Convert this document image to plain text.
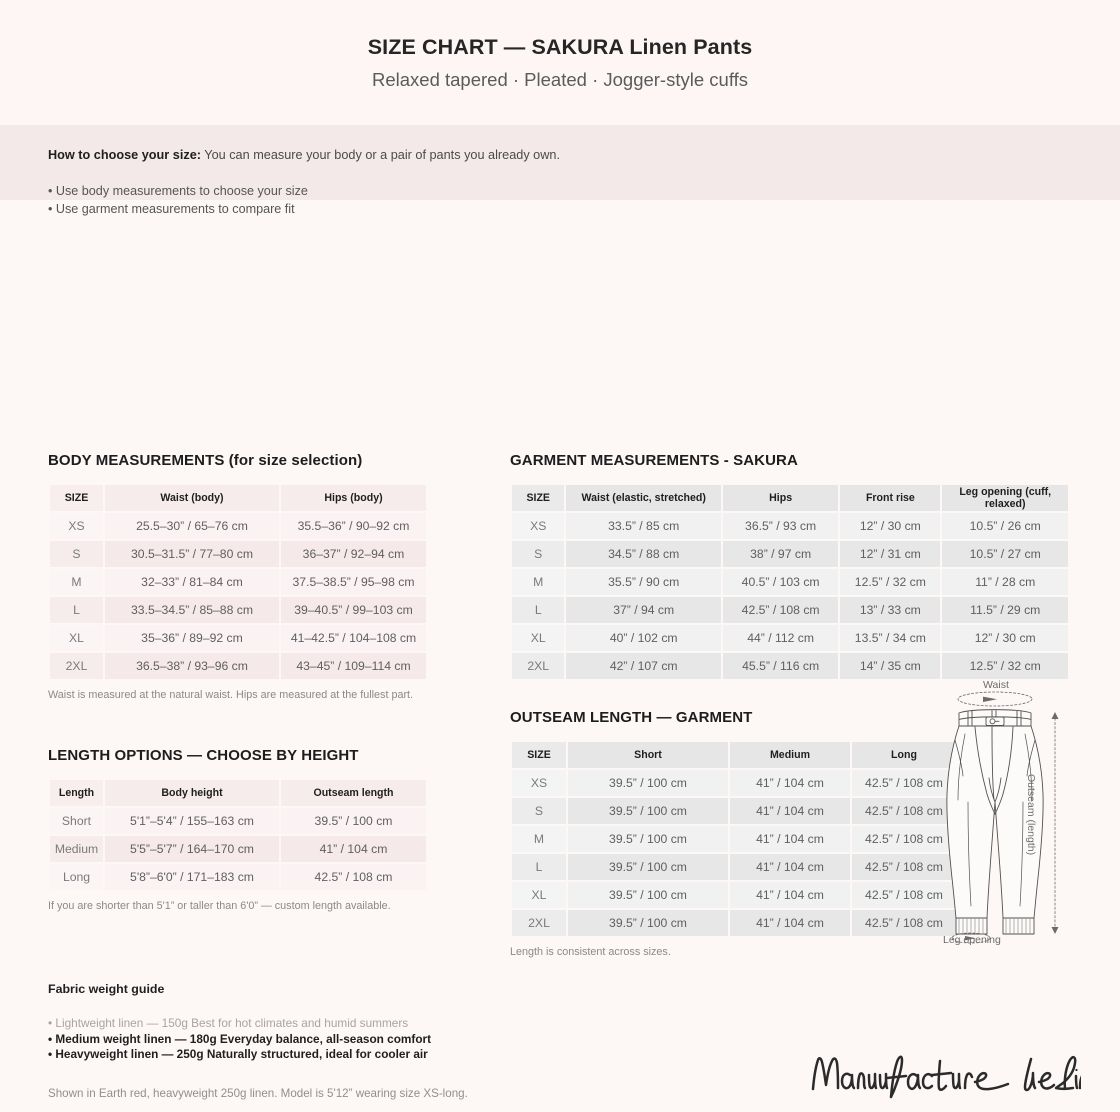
SIZE CHART — SAKURA Linen Pants
Relaxed tapered · Pleated · Jogger-style cuffs
How to choose your size: You can measure your body or a pair of pants you already own.
• Use body measurements to choose your size
• Use garment measurements to compare fit
BODY MEASUREMENTS (for size selection)
SIZE	Waist (body)	Hips (body)
XS	25.5–30” / 65–76 cm	35.5–36” / 90–92 cm
S	30.5–31.5” / 77–80 cm	36–37” / 92–94 cm
M	32–33” / 81–84 cm	37.5–38.5” / 95–98 cm
L	33.5–34.5” / 85–88 cm	39–40.5” / 99–103 cm
XL	35–36” / 89–92 cm	41–42.5” / 104–108 cm
2XL	36.5–38” / 93–96 cm	43–45” / 109–114 cm
Waist is measured at the natural waist. Hips are measured at the fullest part.
LENGTH OPTIONS — CHOOSE BY HEIGHT
Length	Body height	Outseam length
Short	5'1”–5'4” / 155–163 cm	39.5” / 100 cm
Medium	5'5”–5'7” / 164–170 cm	41” / 104 cm
Long	5'8”–6'0” / 171–183 cm	42.5” / 108 cm
If you are shorter than 5'1” or taller than 6'0” — custom length available.
GARMENT MEASUREMENTS - SAKURA
SIZE	Waist (elastic, stretched)	Hips	Front rise	Leg opening (cuff, relaxed)
XS	33.5” / 85 cm	36.5” / 93 cm	12” / 30 cm	10.5” / 26 cm
S	34.5” / 88 cm	38” / 97 cm	12” / 31 cm	10.5” / 27 cm
M	35.5” / 90 cm	40.5” / 103 cm	12.5” / 32 cm	11” / 28 cm
L	37” / 94 cm	42.5” / 108 cm	13” / 33 cm	11.5” / 29 cm
XL	40” / 102 cm	44” / 112 cm	13.5” / 34 cm	12” / 30 cm
2XL	42” / 107 cm	45.5” / 116 cm	14” / 35 cm	12.5” / 32 cm
OUTSEAM LENGTH — GARMENT
SIZE	Short	Medium	Long
XS	39.5” / 100 cm	41” / 104 cm	42.5” / 108 cm
S	39.5” / 100 cm	41” / 104 cm	42.5” / 108 cm
M	39.5” / 100 cm	41” / 104 cm	42.5” / 108 cm
L	39.5” / 100 cm	41” / 104 cm	42.5” / 108 cm
XL	39.5” / 100 cm	41” / 104 cm	42.5” / 108 cm
2XL	39.5” / 100 cm	41” / 104 cm	42.5” / 108 cm
Length is consistent across sizes.
Waist
Outseam (length)
Leg opening
Fabric weight guide
• Lightweight linen — 150g Best for hot climates and humid summers
• Medium weight linen — 180g Everyday balance, all-season comfort
• Heavyweight linen — 250g Naturally structured, ideal for cooler air
Shown in Earth red, heavyweight 250g linen. Model is 5'12” wearing size XS-long.
